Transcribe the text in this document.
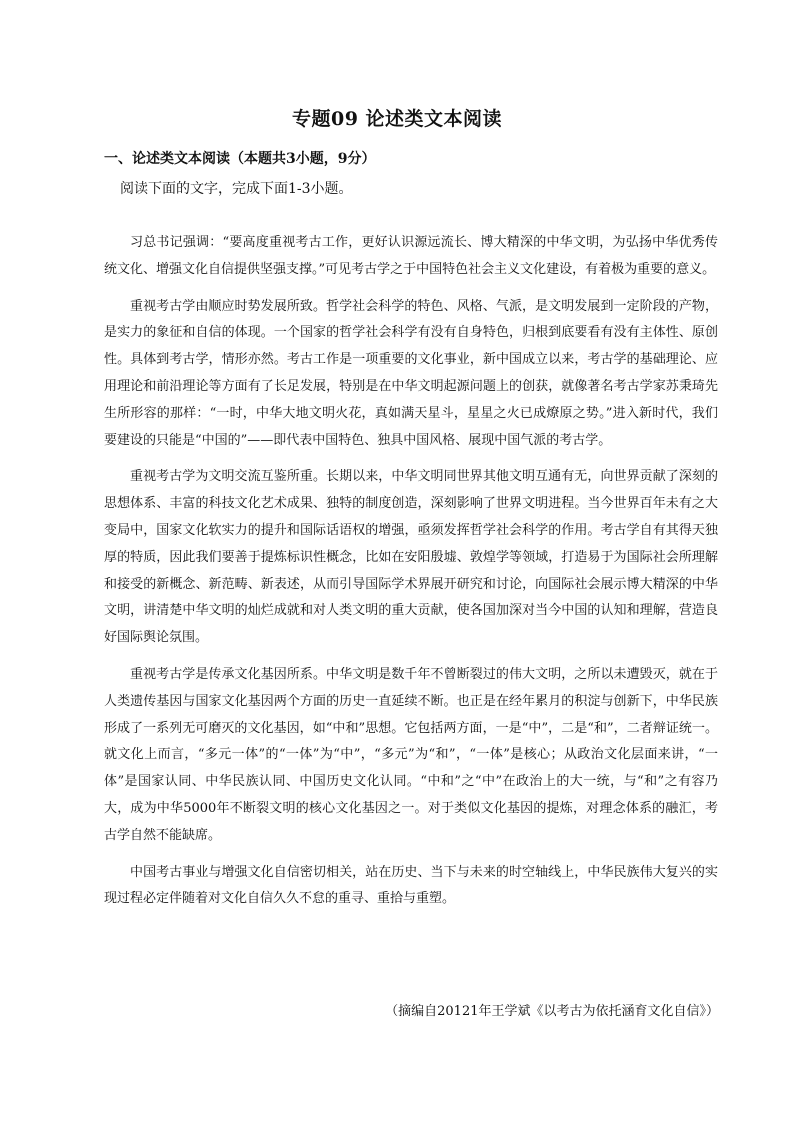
专题09 论述类文本阅读
一、论述类文本阅读（本题共3小题，9分）
阅读下面的文字，完成下面1-3小题。

习总书记强调：“要高度重视考古工作，更好认识源远流长、博大精深的中华文明，为弘扬中华优秀传统文化、增强文化自信提供坚强支撑。”可见考古学之于中国特色社会主义文化建设，有着极为重要的意义。

重视考古学由顺应时势发展所致。哲学社会科学的特色、风格、气派，是文明发展到一定阶段的产物，是实力的象征和自信的体现。一个国家的哲学社会科学有没有自身特色，归根到底要看有没有主体性、原创性。具体到考古学，情形亦然。考古工作是一项重要的文化事业，新中国成立以来，考古学的基础理论、应用理论和前沿理论等方面有了长足发展，特别是在中华文明起源问题上的创获，就像著名考古学家苏秉琦先生所形容的那样：“一时，中华大地文明火花，真如满天星斗，星星之火已成燎原之势。”进入新时代，我们要建设的只能是“中国的”——即代表中国特色、独具中国风格、展现中国气派的考古学。

重视考古学为文明交流互鉴所重。长期以来，中华文明同世界其他文明互通有无，向世界贡献了深刻的思想体系、丰富的科技文化艺术成果、独特的制度创造，深刻影响了世界文明进程。当今世界百年未有之大变局中，国家文化软实力的提升和国际话语权的增强，亟须发挥哲学社会科学的作用。考古学自有其得天独厚的特质，因此我们要善于提炼标识性概念，比如在安阳殷墟、敦煌学等领域，打造易于为国际社会所理解和接受的新概念、新范畴、新表述，从而引导国际学术界展开研究和讨论，向国际社会展示博大精深的中华文明，讲清楚中华文明的灿烂成就和对人类文明的重大贡献，使各国加深对当今中国的认知和理解，营造良好国际舆论氛围。

重视考古学是传承文化基因所系。中华文明是数千年不曾断裂过的伟大文明，之所以未遭毁灭，就在于人类遗传基因与国家文化基因两个方面的历史一直延续不断。也正是在经年累月的积淀与创新下，中华民族形成了一系列无可磨灭的文化基因，如“中和”思想。它包括两方面，一是“中”，二是“和”，二者辩证统一。就文化上而言，“多元一体”的“一体”为“中”，“多元”为“和”，“一体”是核心；从政治文化层面来讲，“一体”是国家认同、中华民族认同、中国历史文化认同。“中和”之“中”在政治上的大一统，与“和”之有容乃大，成为中华5000年不断裂文明的核心文化基因之一。对于类似文化基因的提炼，对理念体系的融汇，考古学自然不能缺席。

中国考古事业与增强文化自信密切相关，站在历史、当下与未来的时空轴线上，中华民族伟大复兴的实现过程必定伴随着对文化自信久久不怠的重寻、重拾与重塑。

（摘编自20121年王学斌《以考古为依托涵育文化自信》）
